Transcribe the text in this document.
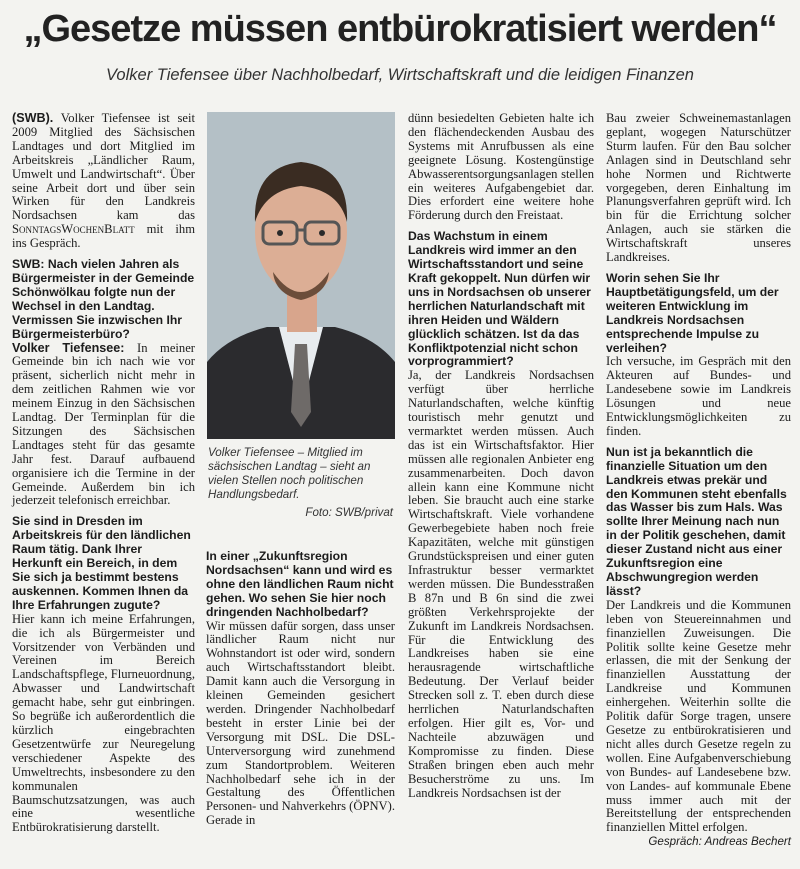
„Gesetze müssen entbürokratisiert werden“
Volker Tiefensee über Nachholbedarf, Wirtschaftskraft und die leidigen Finanzen

(SWB). Volker Tiefensee ist seit 2009 Mitglied des Sächsischen Landtages und dort Mitglied im Arbeitskreis „Ländlicher Raum, Umwelt und Landwirtschaft“. Über seine Arbeit dort und über sein Wirken für den Landkreis Nordsachsen kam das SonntagsWochenBlatt mit ihm ins Gespräch.

SWB: Nach vielen Jahren als Bürgermeister in der Gemeinde Schönwölkau folgte nun der Wechsel in den Landtag. Vermissen Sie inzwischen Ihr Bürgermeisterbüro?

Volker Tiefensee: In meiner Gemeinde bin ich nach wie vor präsent, sicherlich nicht mehr in dem zeitlichen Rahmen wie vor meinem Einzug in den Sächsischen Landtag. Der Terminplan für die Sitzungen des Sächsischen Landtages steht für das gesamte Jahr fest. Darauf aufbauend organisiere ich die Termine in der Gemeinde. Außerdem bin ich jederzeit telefonisch erreichbar.

Sie sind in Dresden im Arbeitskreis für den ländlichen Raum tätig. Dank Ihrer Herkunft ein Bereich, in dem Sie sich ja bestimmt bestens auskennen. Kommen Ihnen da Ihre Erfahrungen zugute?

Hier kann ich meine Erfahrungen, die ich als Bürgermeister und Vorsitzender von Verbänden und Vereinen im Bereich Landschaftspflege, Flurneuordnung, Abwasser und Landwirtschaft gemacht habe, sehr gut einbringen. So begrüße ich außerordentlich die kürzlich eingebrachten Gesetzentwürfe zur Neuregelung verschiedener Aspekte des Umweltrechts, insbesondere zu den kommunalen Baumschutzsatzungen, was auch eine wesentliche Entbürokratisierung darstellt.

Volker Tiefensee – Mitglied im sächsischen Landtag – sieht an vielen Stellen noch politischen Handlungsbedarf.
Foto: SWB/privat

In einer „Zukunftsregion Nordsachsen“ kann und wird es ohne den ländlichen Raum nicht gehen. Wo sehen Sie hier noch dringenden Nachholbedarf?

Wir müssen dafür sorgen, dass unser ländlicher Raum nicht nur Wohnstandort ist oder wird, sondern auch Wirtschaftsstandort bleibt. Damit kann auch die Versorgung in kleinen Gemeinden gesichert werden. Dringender Nachholbedarf besteht in erster Linie bei der Versorgung mit DSL. Die DSL-Unterversorgung wird zunehmend zum Standortproblem. Weiteren Nachholbedarf sehe ich in der Gestaltung des Öffentlichen Personen- und Nahverkehrs (ÖPNV). Gerade in

dünn besiedelten Gebieten halte ich den flächendeckenden Ausbau des Systems mit Anrufbussen als eine geeignete Lösung. Kostengünstige Abwasserentsorgungsanlagen stellen ein weiteres Aufgabengebiet dar. Dies erfordert eine weitere hohe Förderung durch den Freistaat.

Das Wachstum in einem Landkreis wird immer an den Wirtschaftsstandort und seine Kraft gekoppelt. Nun dürfen wir uns in Nordsachsen ob unserer herrlichen Naturlandschaft mit ihren Heiden und Wäldern glücklich schätzen. Ist da das Konfliktpotenzial nicht schon vorprogrammiert?

Ja, der Landkreis Nordsachsen verfügt über herrliche Naturlandschaften, welche künftig touristisch mehr genutzt und vermarktet werden müssen. Auch das ist ein Wirtschaftsfaktor. Hier müssen alle regionalen Anbieter eng zusammenarbeiten. Doch davon allein kann eine Kommune nicht leben. Sie braucht auch eine starke Wirtschaftskraft. Viele vorhandene Gewerbegebiete haben noch freie Kapazitäten, welche mit günstigen Grundstückspreisen und einer guten Infrastruktur besser vermarktet werden müssen. Die Bundesstraßen B 87n und B 6n sind die zwei größten Verkehrsprojekte der Zukunft im Landkreis Nordsachsen. Für die Entwicklung des Landkreises haben sie eine herausragende wirtschaftliche Bedeutung. Der Verlauf beider Strecken soll z. T. eben durch diese herrlichen Naturlandschaften erfolgen. Hier gilt es, Vor- und Nachteile abzuwägen und Kompromisse zu finden. Diese Straßen bringen eben auch mehr Besucherströme zu uns. Im Landkreis Nordsachsen ist der

Bau zweier Schweinemastanlagen geplant, wogegen Naturschützer Sturm laufen. Für den Bau solcher Anlagen sind in Deutschland sehr hohe Normen und Richtwerte vorgegeben, deren Einhaltung im Planungsverfahren geprüft wird. Ich bin für die Errichtung solcher Anlagen, auch sie stärken die Wirtschaftskraft unseres Landkreises.

Worin sehen Sie Ihr Hauptbetätigungsfeld, um der weiteren Entwicklung im Landkreis Nordsachsen entsprechende Impulse zu verleihen?

Ich versuche, im Gespräch mit den Akteuren auf Bundes- und Landesebene sowie im Landkreis Lösungen und neue Entwicklungsmöglichkeiten zu finden.

Nun ist ja bekanntlich die finanzielle Situation um den Landkreis etwas prekär und den Kommunen steht ebenfalls das Wasser bis zum Hals. Was sollte Ihrer Meinung nach nun in der Politik geschehen, damit dieser Zustand nicht aus einer Zukunftsregion eine Abschwungregion werden lässt?

Der Landkreis und die Kommunen leben von Steuereinnahmen und finanziellen Zuweisungen. Die Politik sollte keine Gesetze mehr erlassen, die mit der Senkung der finanziellen Ausstattung der Landkreise und Kommunen einhergehen. Weiterhin sollte die Politik dafür Sorge tragen, unsere Gesetze zu entbürokratisieren und nicht alles durch Gesetze regeln zu wollen. Eine Aufgabenverschiebung von Bundes- auf Landesebene bzw. von Landes- auf kommunale Ebene muss immer auch mit der Bereitstellung der entsprechenden finanziellen Mittel erfolgen.

Gespräch: Andreas Bechert
